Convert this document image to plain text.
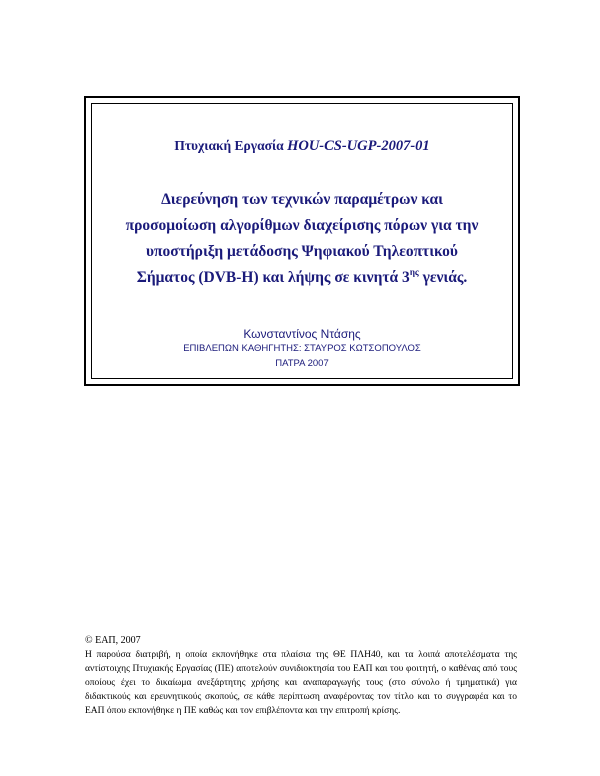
Πτυχιακή Εργασία HOU-CS-UGP-2007-01
Διερεύνηση των τεχνικών παραμέτρων και
προσομοίωση αλγορίθμων διαχείρισης πόρων για την
υποστήριξη μετάδοσης Ψηφιακού Τηλεοπτικού
Σήματος (DVB-H) και λήψης σε κινητά $3^{\eta\varsigma}$ γενιάς.
Κωνσταντίνος Ντάσης
ΕΠΙΒΛΕΠΩΝ ΚΑΘΗΓΗΤΗΣ: ΣΤΑΥΡΟΣ ΚΩΤΣΟΠΟΥΛΟΣ
ΠΑΤΡΑ 2007
© ΕΑΠ, 2007
Η παρούσα διατριβή, η οποία εκπονήθηκε στα πλαίσια της ΘΕ ΠΛΗ40, και τα λοιπά αποτελέσματα της αντίστοιχης Πτυχιακής Εργασίας (ΠΕ) αποτελούν συνιδιοκτησία του ΕΑΠ και του φοιτητή, ο καθένας από τους οποίους έχει το δικαίωμα ανεξάρτητης χρήσης και αναπαραγωγής τους (στο σύνολο ή τμηματικά) για διδακτικούς και ερευνητικούς σκοπούς, σε κάθε περίπτωση αναφέροντας τον τίτλο και το συγγραφέα και το ΕΑΠ όπου εκπονήθηκε η ΠΕ καθώς και τον επιβλέποντα και την επιτροπή κρίσης.
